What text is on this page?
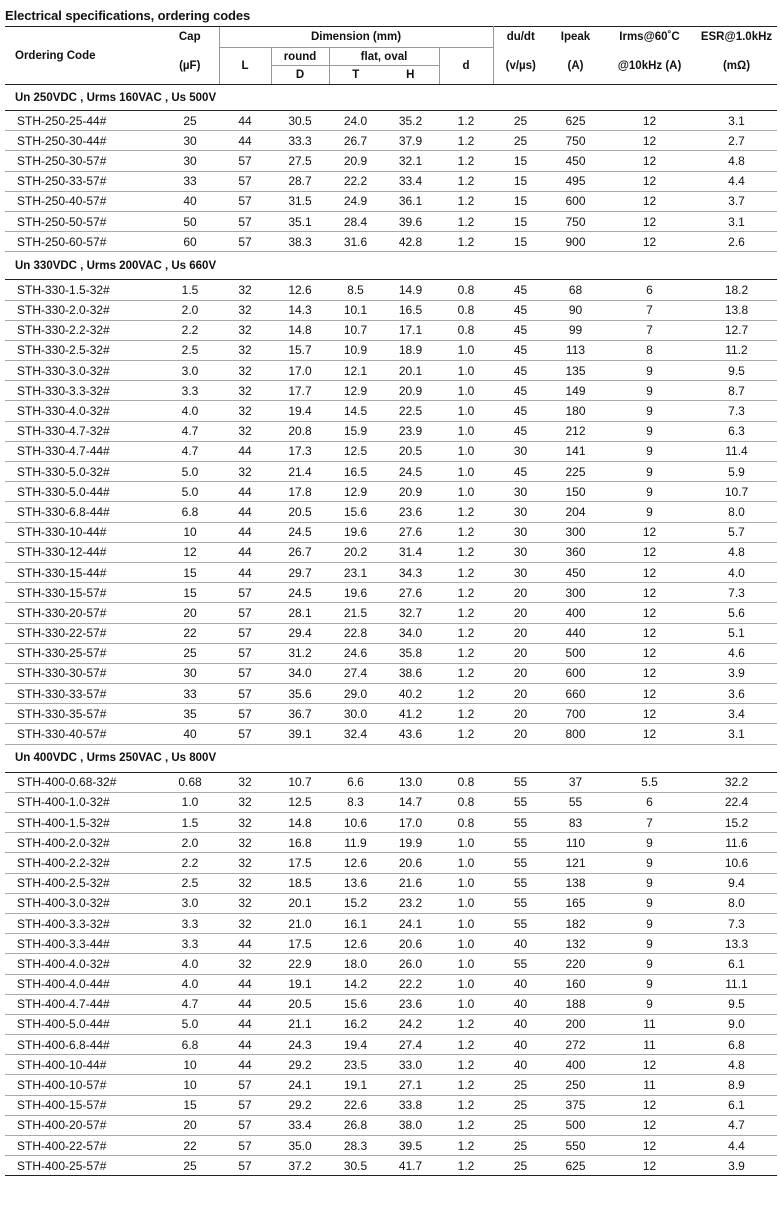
Electrical specifications, ordering codes
Ordering Code	Cap	Dimension (mm)					du/dt	Ipeak	Irms@60˚C	ESR@1.0kHz
	(µF)	L	round	flat, oval		d	(v/µs)	(A)	@10kHz (A)	(mΩ)
			D	T	H					
Un 250VDC , Urms 160VAC , Us 500V										
STH-250-25-44#	25	44	30.5	24.0	35.2	1.2	25	625	12	3.1
STH-250-30-44#	30	44	33.3	26.7	37.9	1.2	25	750	12	2.7
STH-250-30-57#	30	57	27.5	20.9	32.1	1.2	15	450	12	4.8
STH-250-33-57#	33	57	28.7	22.2	33.4	1.2	15	495	12	4.4
STH-250-40-57#	40	57	31.5	24.9	36.1	1.2	15	600	12	3.7
STH-250-50-57#	50	57	35.1	28.4	39.6	1.2	15	750	12	3.1
STH-250-60-57#	60	57	38.3	31.6	42.8	1.2	15	900	12	2.6
Un 330VDC , Urms 200VAC , Us 660V										
STH-330-1.5-32#	1.5	32	12.6	8.5	14.9	0.8	45	68	6	18.2
STH-330-2.0-32#	2.0	32	14.3	10.1	16.5	0.8	45	90	7	13.8
STH-330-2.2-32#	2.2	32	14.8	10.7	17.1	0.8	45	99	7	12.7
STH-330-2.5-32#	2.5	32	15.7	10.9	18.9	1.0	45	113	8	11.2
STH-330-3.0-32#	3.0	32	17.0	12.1	20.1	1.0	45	135	9	9.5
STH-330-3.3-32#	3.3	32	17.7	12.9	20.9	1.0	45	149	9	8.7
STH-330-4.0-32#	4.0	32	19.4	14.5	22.5	1.0	45	180	9	7.3
STH-330-4.7-32#	4.7	32	20.8	15.9	23.9	1.0	45	212	9	6.3
STH-330-4.7-44#	4.7	44	17.3	12.5	20.5	1.0	30	141	9	11.4
STH-330-5.0-32#	5.0	32	21.4	16.5	24.5	1.0	45	225	9	5.9
STH-330-5.0-44#	5.0	44	17.8	12.9	20.9	1.0	30	150	9	10.7
STH-330-6.8-44#	6.8	44	20.5	15.6	23.6	1.2	30	204	9	8.0
STH-330-10-44#	10	44	24.5	19.6	27.6	1.2	30	300	12	5.7
STH-330-12-44#	12	44	26.7	20.2	31.4	1.2	30	360	12	4.8
STH-330-15-44#	15	44	29.7	23.1	34.3	1.2	30	450	12	4.0
STH-330-15-57#	15	57	24.5	19.6	27.6	1.2	20	300	12	7.3
STH-330-20-57#	20	57	28.1	21.5	32.7	1.2	20	400	12	5.6
STH-330-22-57#	22	57	29.4	22.8	34.0	1.2	20	440	12	5.1
STH-330-25-57#	25	57	31.2	24.6	35.8	1.2	20	500	12	4.6
STH-330-30-57#	30	57	34.0	27.4	38.6	1.2	20	600	12	3.9
STH-330-33-57#	33	57	35.6	29.0	40.2	1.2	20	660	12	3.6
STH-330-35-57#	35	57	36.7	30.0	41.2	1.2	20	700	12	3.4
STH-330-40-57#	40	57	39.1	32.4	43.6	1.2	20	800	12	3.1
Un 400VDC , Urms 250VAC , Us 800V										
STH-400-0.68-32#	0.68	32	10.7	6.6	13.0	0.8	55	37	5.5	32.2
STH-400-1.0-32#	1.0	32	12.5	8.3	14.7	0.8	55	55	6	22.4
STH-400-1.5-32#	1.5	32	14.8	10.6	17.0	0.8	55	83	7	15.2
STH-400-2.0-32#	2.0	32	16.8	11.9	19.9	1.0	55	110	9	11.6
STH-400-2.2-32#	2.2	32	17.5	12.6	20.6	1.0	55	121	9	10.6
STH-400-2.5-32#	2.5	32	18.5	13.6	21.6	1.0	55	138	9	9.4
STH-400-3.0-32#	3.0	32	20.1	15.2	23.2	1.0	55	165	9	8.0
STH-400-3.3-32#	3.3	32	21.0	16.1	24.1	1.0	55	182	9	7.3
STH-400-3.3-44#	3.3	44	17.5	12.6	20.6	1.0	40	132	9	13.3
STH-400-4.0-32#	4.0	32	22.9	18.0	26.0	1.0	55	220	9	6.1
STH-400-4.0-44#	4.0	44	19.1	14.2	22.2	1.0	40	160	9	11.1
STH-400-4.7-44#	4.7	44	20.5	15.6	23.6	1.0	40	188	9	9.5
STH-400-5.0-44#	5.0	44	21.1	16.2	24.2	1.2	40	200	11	9.0
STH-400-6.8-44#	6.8	44	24.3	19.4	27.4	1.2	40	272	11	6.8
STH-400-10-44#	10	44	29.2	23.5	33.0	1.2	40	400	12	4.8
STH-400-10-57#	10	57	24.1	19.1	27.1	1.2	25	250	11	8.9
STH-400-15-57#	15	57	29.2	22.6	33.8	1.2	25	375	12	6.1
STH-400-20-57#	20	57	33.4	26.8	38.0	1.2	25	500	12	4.7
STH-400-22-57#	22	57	35.0	28.3	39.5	1.2	25	550	12	4.4
STH-400-25-57#	25	57	37.2	30.5	41.7	1.2	25	625	12	3.9
